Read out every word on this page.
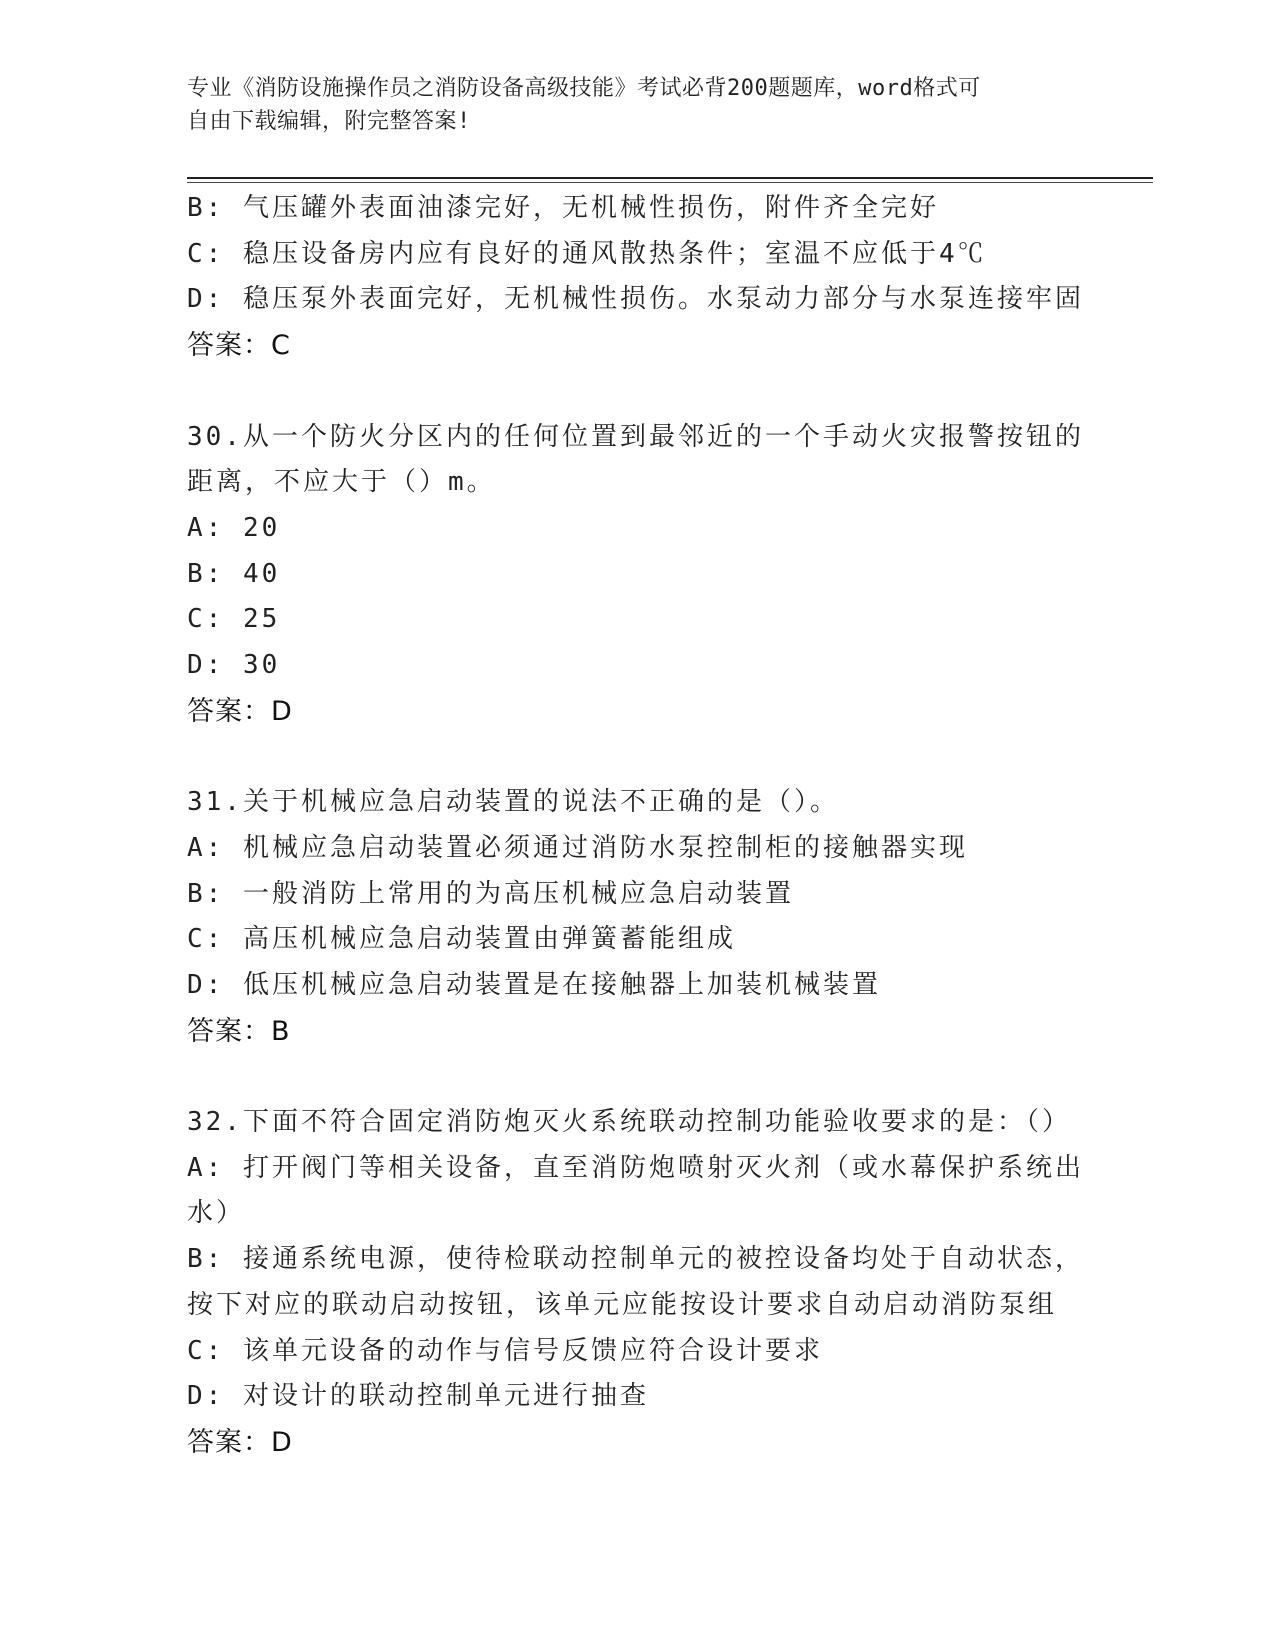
专业《消防设施操作员之消防设备高级技能》考试必背200题题库，word格式可
自由下载编辑，附完整答案!

B: 气压罐外表面油漆完好，无机械性损伤，附件齐全完好

C: 稳压设备房内应有良好的通风散热条件；室温不应低于4℃

D: 稳压泵外表面完好，无机械性损伤。水泵动力部分与水泵连接牢固

答案：C

30.从一个防火分区内的任何位置到最邻近的一个手动火灾报警按钮的

距离，不应大于（）m。

A: 20

B: 40

C: 25

D: 30

答案：D

31.关于机械应急启动装置的说法不正确的是（）。

A: 机械应急启动装置必须通过消防水泵控制柜的接触器实现

B: 一般消防上常用的为高压机械应急启动装置

C: 高压机械应急启动装置由弹簧蓄能组成

D: 低压机械应急启动装置是在接触器上加装机械装置

答案：B

32.下面不符合固定消防炮灭火系统联动控制功能验收要求的是：（）

A: 打开阀门等相关设备，直至消防炮喷射灭火剂（或水幕保护系统出

水）

B: 接通系统电源，使待检联动控制单元的被控设备均处于自动状态，

按下对应的联动启动按钮，该单元应能按设计要求自动启动消防泵组

C: 该单元设备的动作与信号反馈应符合设计要求

D: 对设计的联动控制单元进行抽查

答案：D
